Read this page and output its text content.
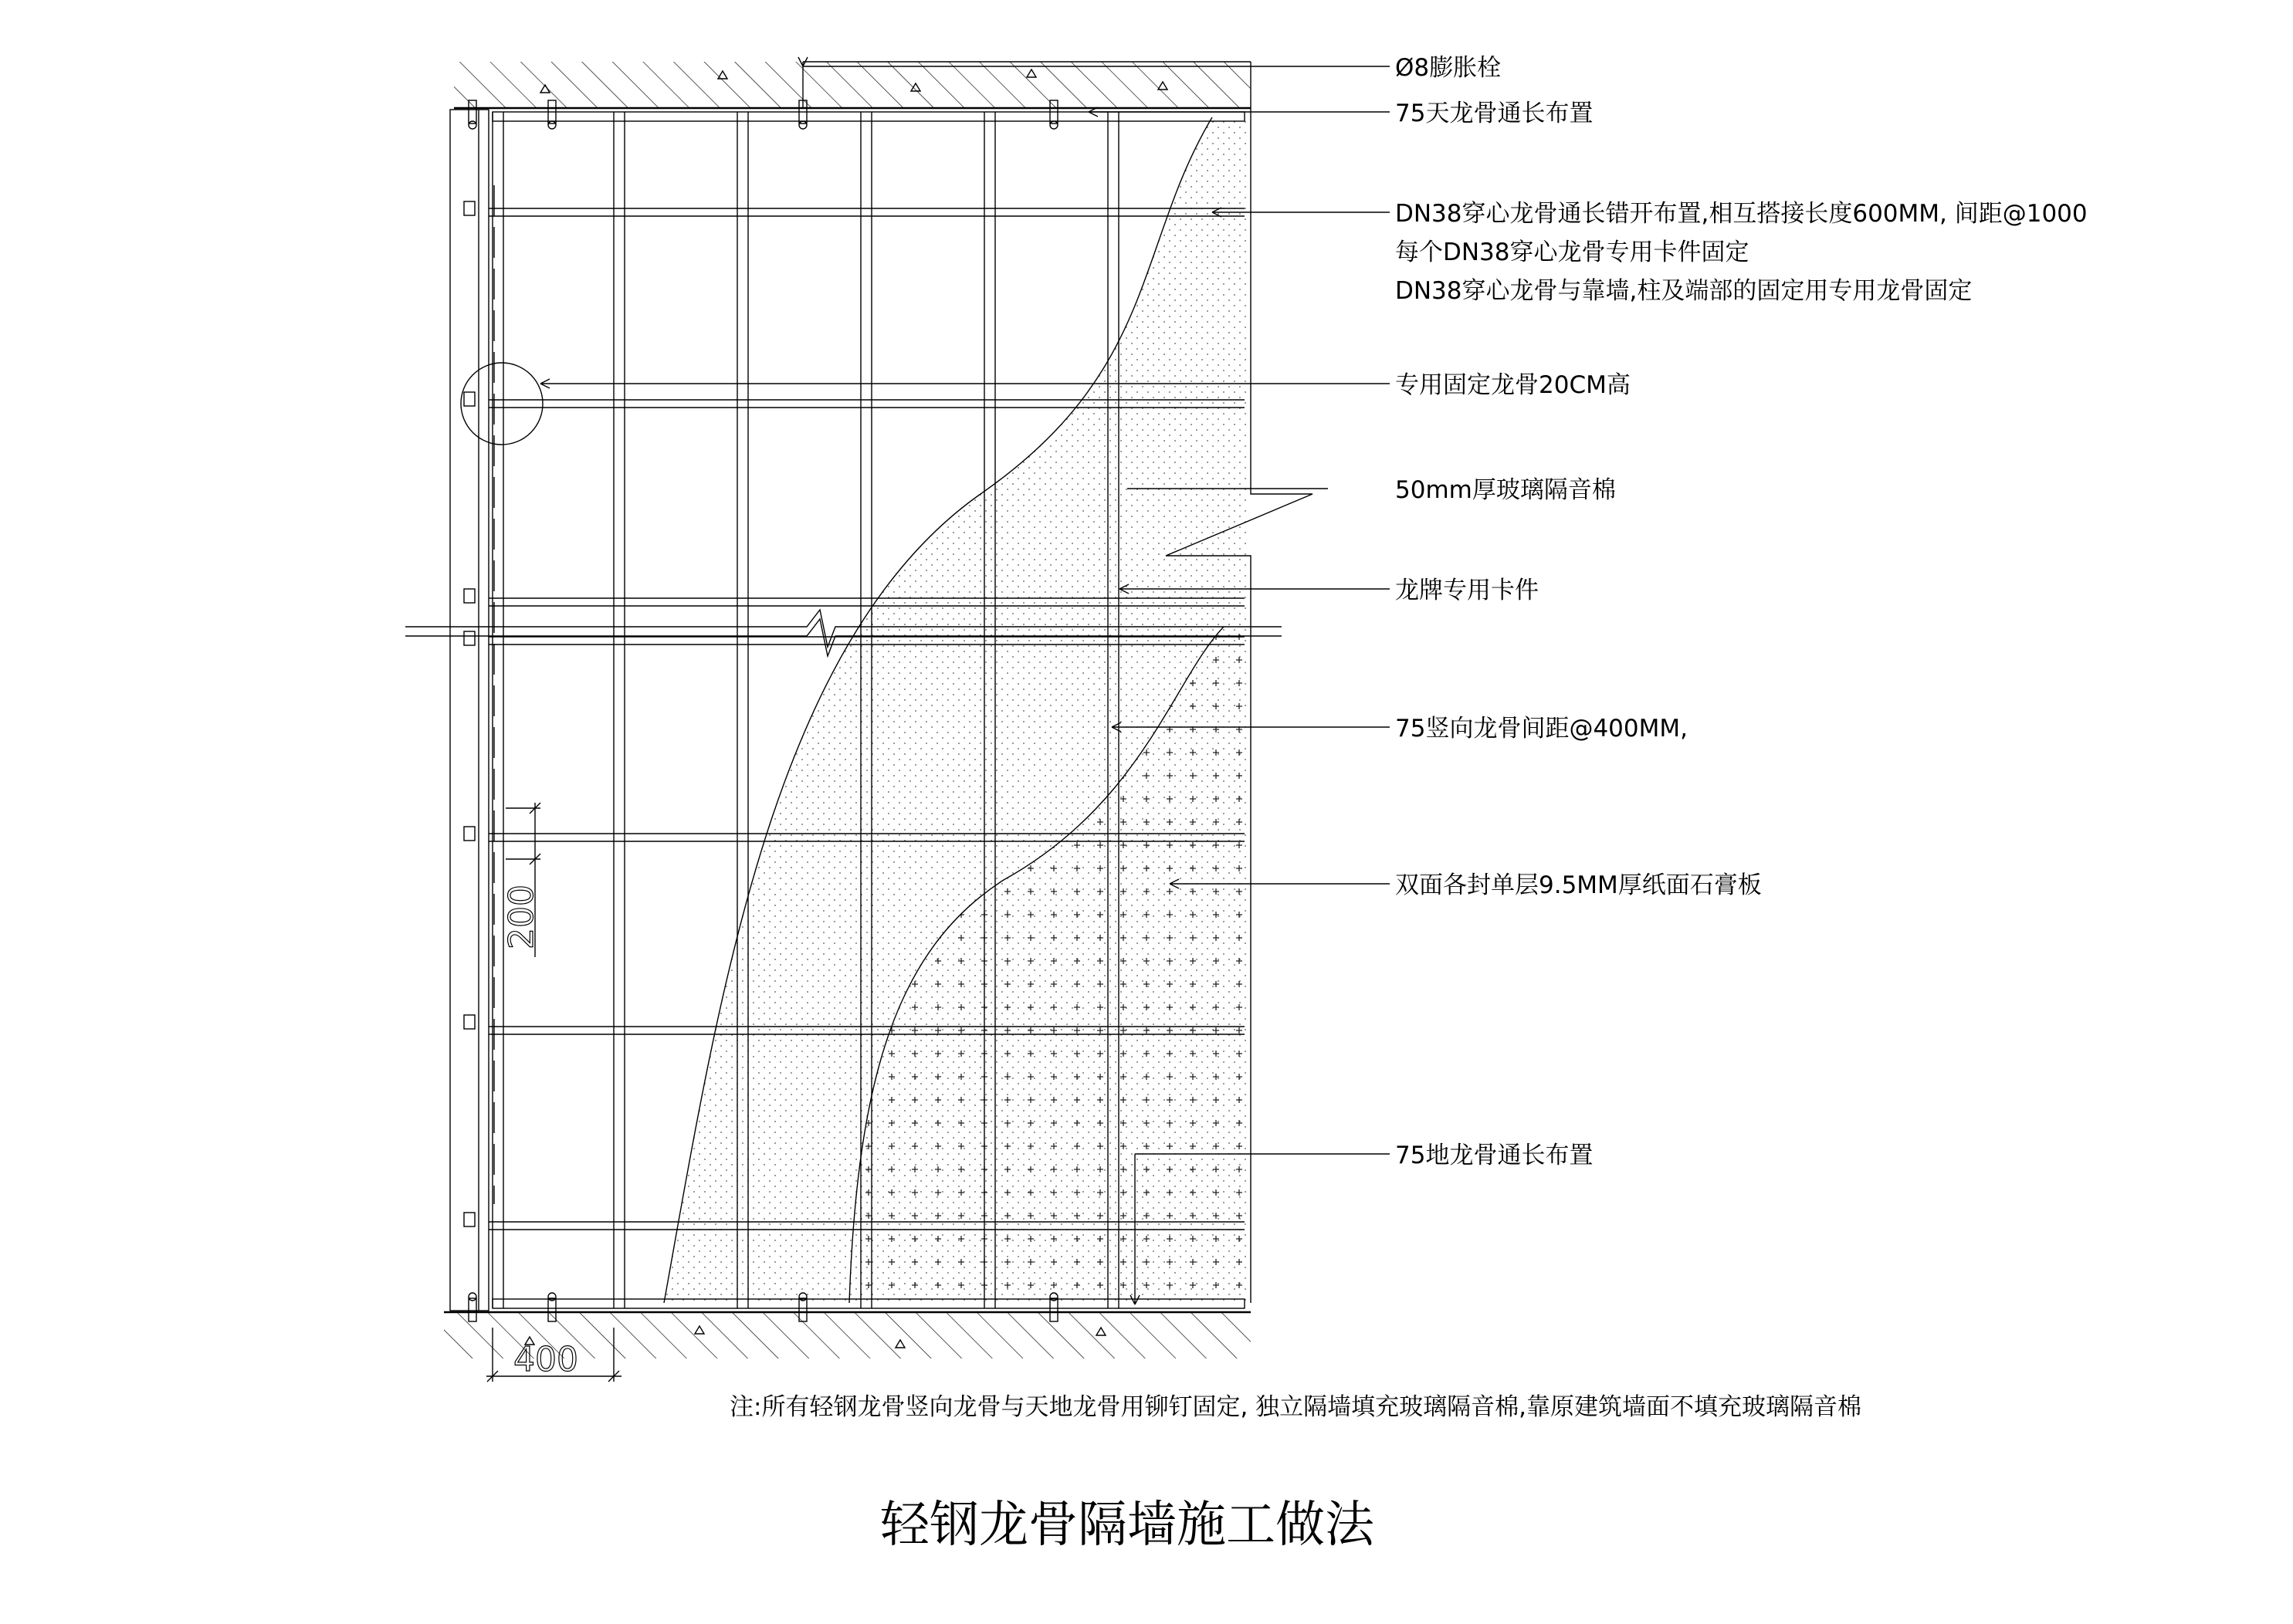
200
400
Ø8膨胀栓
75天龙骨通长布置
DN38穿心龙骨通长错开布置,相互搭接长度600MM, 间距@1000
每个DN38穿心龙骨专用卡件固定
DN38穿心龙骨与靠墙,柱及端部的固定用专用龙骨固定
专用固定龙骨20CM高
50mm厚玻璃隔音棉
龙牌专用卡件
75竖向龙骨间距@400MM,
双面各封单层9.5MM厚纸面石膏板
75地龙骨通长布置
注:所有轻钢龙骨竖向龙骨与天地龙骨用铆钉固定, 独立隔墙填充玻璃隔音棉,靠原建筑墙面不填充玻璃隔音棉
轻钢龙骨隔墙施工做法
